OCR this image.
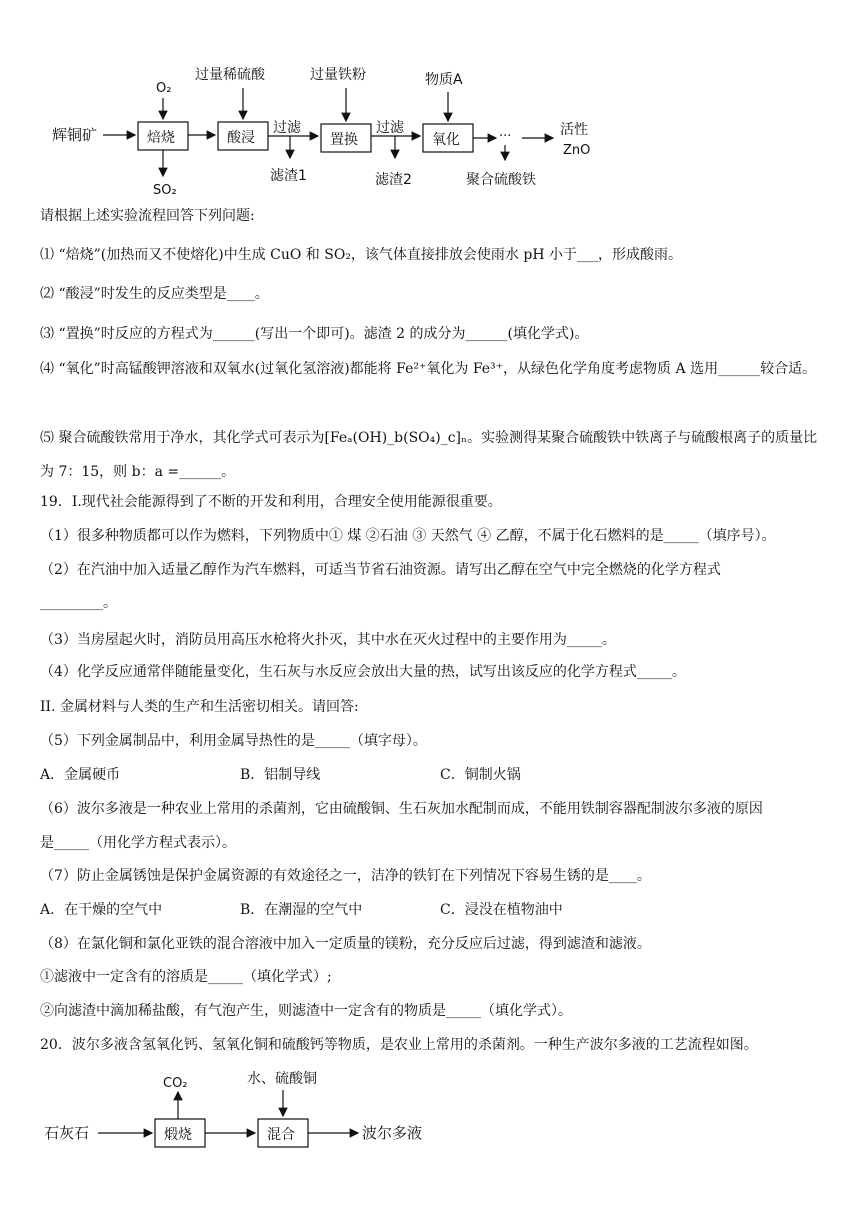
辉铜矿	焙烧
O₂
SO₂
酸浸
过量稀硫酸
过滤
滤渣1
置换
过量铁粉
过滤
滤渣2
氧化
物质A
···
聚合硫酸铁
活性
ZnO
请根据上述实验流程回答下列问题:
⑴ “焙烧”(加热而又不使熔化)中生成 CuO 和 SO₂，该气体直接排放会使雨水 pH 小于___，形成酸雨。
⑵ “酸浸”时发生的反应类型是____。
⑶ “置换”时反应的方程式为______(写出一个即可)。滤渣 2 的成分为______(填化学式)。
⑷ “氧化”时高锰酸钾溶液和双氧水(过氧化氢溶液)都能将 Fe²⁺氧化为 Fe³⁺，从绿色化学角度考虑物质 A 选用______较合适。
⑸ 聚合硫酸铁常用于净水，其化学式可表示为[Feₐ(OH)_b(SO₄)_c]ₙ。实验测得某聚合硫酸铁中铁离子与硫酸根离子的质量比为 7：15，则 b：a =______。
19．I.现代社会能源得到了不断的开发和利用，合理安全使用能源很重要。
（1）很多种物质都可以作为燃料，下列物质中① 煤 ②石油 ③ 天然气 ④ 乙醇，不属于化石燃料的是_____（填序号）。
（2）在汽油中加入适量乙醇作为汽车燃料，可适当节省石油资源。请写出乙醇在空气中完全燃烧的化学方程式
_________。
（3）当房屋起火时，消防员用高压水枪将火扑灭，其中水在灭火过程中的主要作用为_____。
（4）化学反应通常伴随能量变化，生石灰与水反应会放出大量的热，试写出该反应的化学方程式_____。
II. 金属材料与人类的生产和生活密切相关。请回答:
（5）下列金属制品中，利用金属导热性的是_____（填字母）。
A．金属硬币	B．铝制导线	C．铜制火锅
（6）波尔多液是一种农业上常用的杀菌剂，它由硫酸铜、生石灰加水配制而成，不能用铁制容器配制波尔多液的原因
是_____（用化学方程式表示）。
（7）防止金属锈蚀是保护金属资源的有效途径之一，洁净的铁钉在下列情况下容易生锈的是____。
A．在干燥的空气中	B．在潮湿的空气中	C．浸没在植物油中
（8）在氯化铜和氯化亚铁的混合溶液中加入一定质量的镁粉，充分反应后过滤，得到滤渣和滤液。
①滤液中一定含有的溶质是_____（填化学式）;
②向滤渣中滴加稀盐酸，有气泡产生，则滤渣中一定含有的物质是_____（填化学式）。
20．波尔多液含氢氧化钙、氢氧化铜和硫酸钙等物质，是农业上常用的杀菌剂。一种生产波尔多液的工艺流程如图。
石灰石	煅烧
CO₂
混合
水、硫酸铜
波尔多液
